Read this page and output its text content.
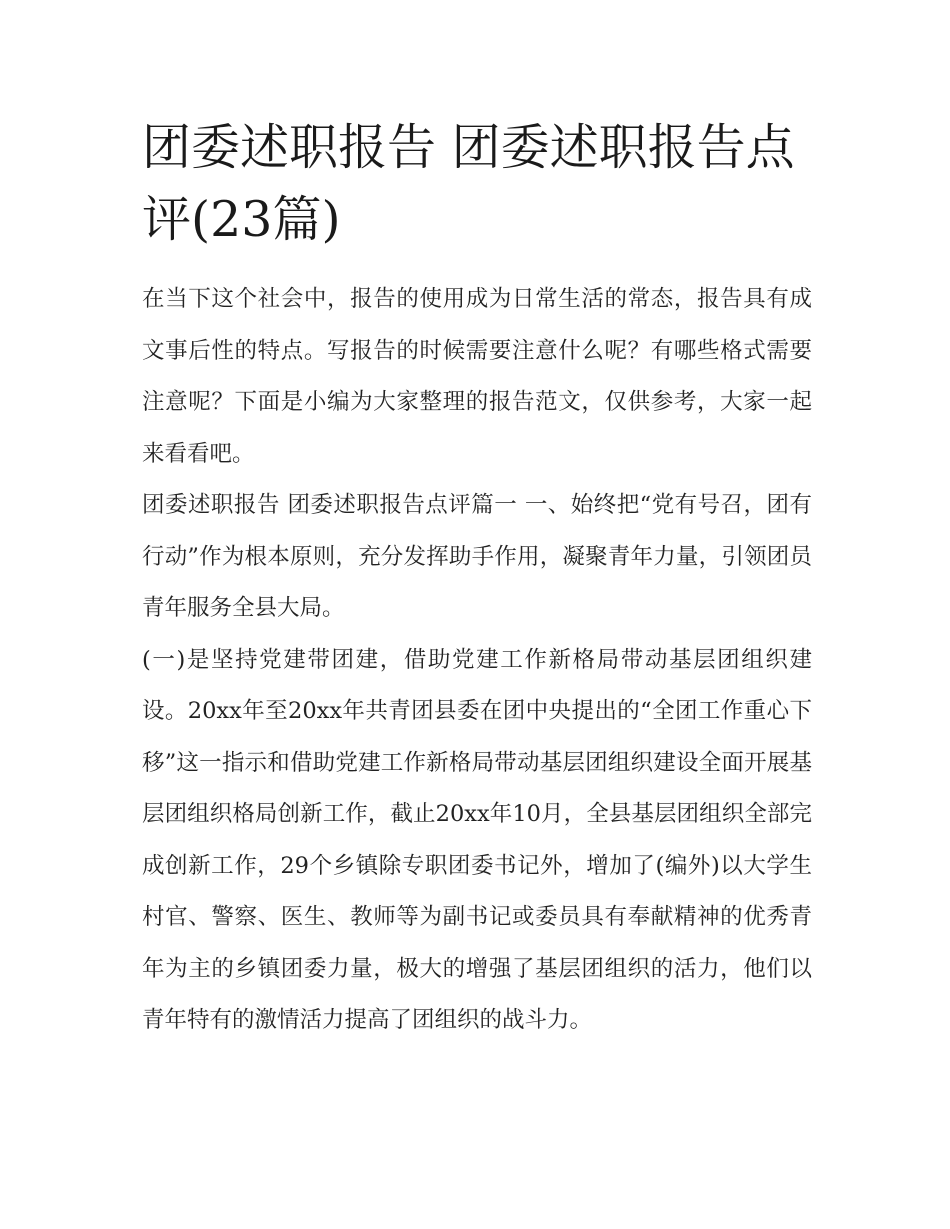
团委述职报告 团委述职报告点评(23篇)

在当下这个社会中，报告的使用成为日常生活的常态，报告具有成文事后性的特点。写报告的时候需要注意什么呢？有哪些格式需要注意呢？下面是小编为大家整理的报告范文，仅供参考，大家一起来看看吧。

团委述职报告 团委述职报告点评篇一 一、始终把“党有号召，团有行动”作为根本原则，充分发挥助手作用，凝聚青年力量，引领团员青年服务全县大局。

(一)是坚持党建带团建，借助党建工作新格局带动基层团组织建设。20xx年至20xx年共青团县委在团中央提出的“全团工作重心下移”这一指示和借助党建工作新格局带动基层团组织建设全面开展基层团组织格局创新工作，截止20xx年10月，全县基层团组织全部完成创新工作，29个乡镇除专职团委书记外，增加了(编外)以大学生村官、警察、医生、教师等为副书记或委员具有奉献精神的优秀青年为主的乡镇团委力量，极大的增强了基层团组织的活力，他们以青年特有的激情活力提高了团组织的战斗力。
